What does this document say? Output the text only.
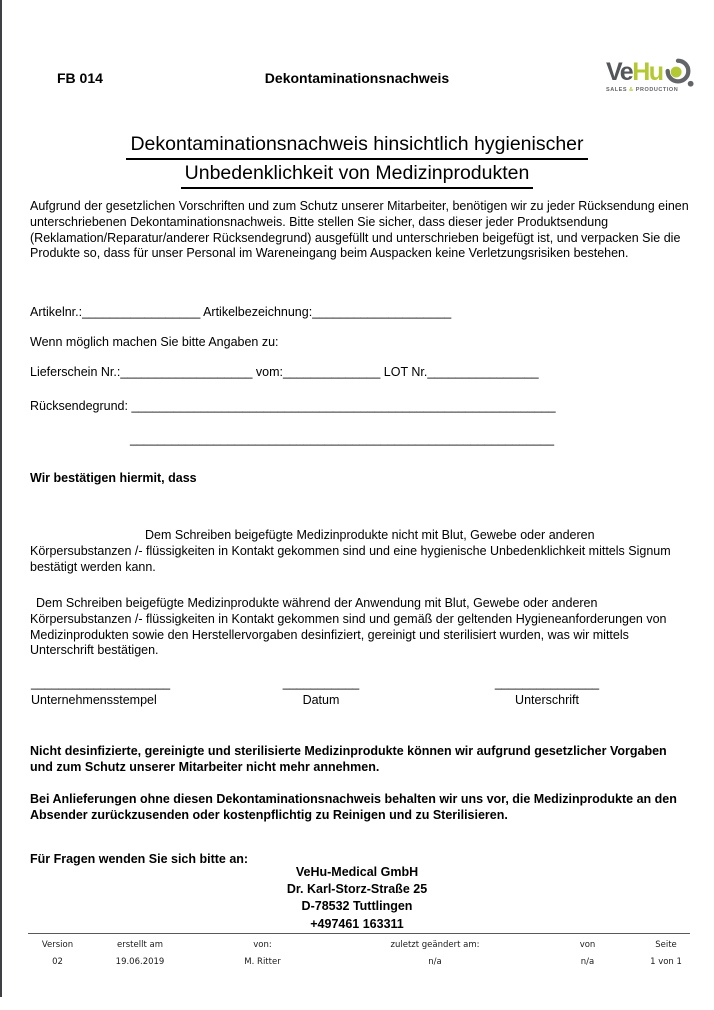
FB 014	Dekontaminationsnachweis	VeHu
SALES & PRODUCTION
Dekontaminationsnachweis hinsichtlich hygienischer
Unbedenklichkeit von Medizinprodukten
Aufgrund der gesetzlichen Vorschriften und zum Schutz unserer Mitarbeiter, benötigen wir zu jeder Rücksendung einen unterschriebenen Dekontaminationsnachweis. Bitte stellen Sie sicher, dass dieser jeder Produktsendung (Reklamation/Reparatur/anderer Rücksendegrund) ausgefüllt und unterschrieben beigefügt ist, und verpacken Sie die Produkte so, dass für unser Personal im Wareneingang beim Auspacken keine Verletzungsrisiken bestehen.
Artikelnr.:_________________ Artikelbezeichnung:____________________
Wenn möglich machen Sie bitte Angaben zu:
Lieferschein Nr.:___________________ vom:______________ LOT Nr.________________
Rücksendegrund: _____________________________________________________________
_____________________________________________________________
Wir bestätigen hiermit, dass
Dem Schreiben beigefügte Medizinprodukte nicht mit Blut, Gewebe oder anderen Körpersubstanzen /- flüssigkeiten in Kontakt gekommen sind und eine hygienische Unbedenklichkeit mittels Signum bestätigt werden kann.
Dem Schreiben beigefügte Medizinprodukte während der Anwendung mit Blut, Gewebe oder anderen Körpersubstanzen /- flüssigkeiten in Kontakt gekommen sind und gemäß der geltenden Hygieneanforderungen von Medizinprodukten sowie den Herstellervorgaben desinfiziert, gereinigt und sterilisiert wurden, was wir mittels Unterschrift bestätigen.
____________________
Unternehmensstempel
___________
Datum
_______________
Unterschrift
Nicht desinfizierte, gereinigte und sterilisierte Medizinprodukte können wir aufgrund gesetzlicher Vorgaben und zum Schutz unserer Mitarbeiter nicht mehr annehmen.
Bei Anlieferungen ohne diesen Dekontaminationsnachweis behalten wir uns vor, die Medizinprodukte an den Absender zurückzusenden oder kostenpflichtig zu Reinigen und zu Sterilisieren.
Für Fragen wenden Sie sich bitte an:
VeHu-Medical GmbH
Dr. Karl-Storz-Straße 25
D-78532 Tuttlingen
+497461 163311
Version	erstellt am	von:	zuletzt geändert am:	von	Seite
02	19.06.2019	M. Ritter	n/a	n/a	1 von 1
